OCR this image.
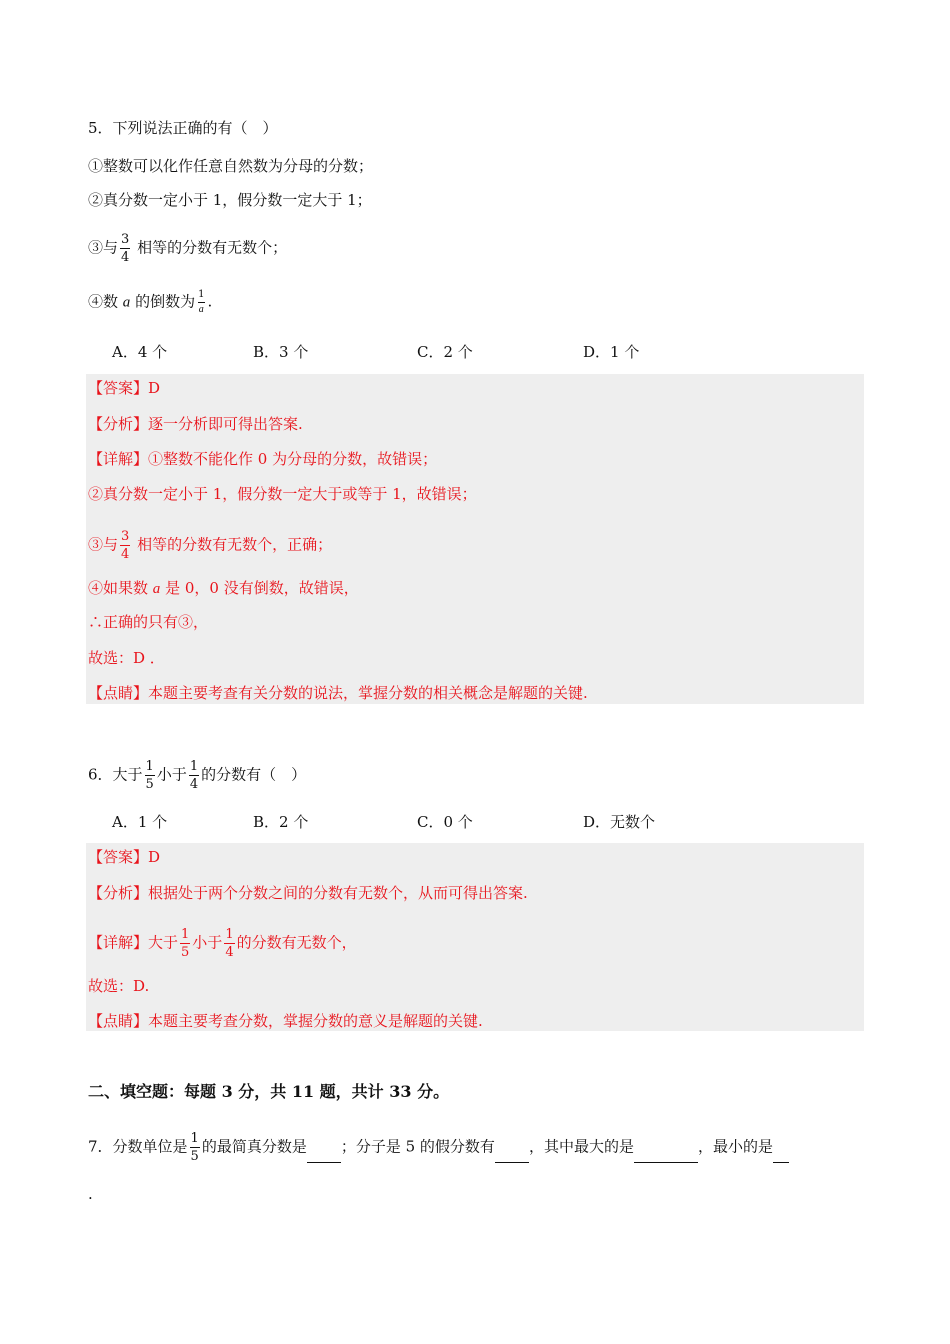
5．下列说法正确的有（　）
①整数可以化作任意自然数为分母的分数；
②真分数一定小于 1，假分数一定大于 1；
③与 $\frac{3}{4}$ 相等的分数有无数个；
④数 a 的倒数为 $\frac{1}{a}$ .
A．4 个	B．3 个	C．2 个	D．1 个
【答案】D
【分析】逐一分析即可得出答案.
【详解】①整数不能化作 0 为分母的分数，故错误；
②真分数一定小于 1，假分数一定大于或等于 1，故错误；
③与 $\frac{3}{4}$ 相等的分数有无数个，正确；
④如果数 a 是 0，0 没有倒数，故错误，
∴正确的只有③，
故选：D ．
【点睛】本题主要考查有关分数的说法，掌握分数的相关概念是解题的关键.
6．大于 $\frac{1}{5}$ 小于 $\frac{1}{4}$ 的分数有（　）
A．1 个	B．2 个	C．0 个	D．无数个
【答案】D
【分析】根据处于两个分数之间的分数有无数个，从而可得出答案.
【详解】大于 $\frac{1}{5}$ 小于 $\frac{1}{4}$ 的分数有无数个，
故选：D.
【点睛】本题主要考查分数，掌握分数的意义是解题的关键.
二、填空题：每题 3 分，共 11 题，共计 33 分。
7．分数单位是 $\frac{1}{5}$ 的最简真分数是 ；分子是 5 的假分数有 ，其中最大的是	，最小的是
.
